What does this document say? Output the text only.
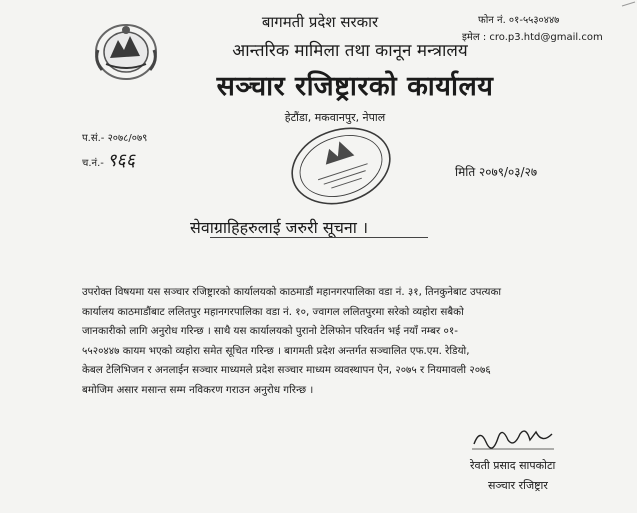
बागमती प्रदेश सरकार
आन्तरिक मामिला तथा कानून मन्त्रालय
सञ्चार रजिष्ट्रारको कार्यालय
हेटौंडा, मकवानपुर, नेपाल
फोन नं. ०१-५५३०४४७
इमेल : cro.p3.htd@gmail.com
प.सं.- २०७८/०७९
च.नं.- ९६६
मिति २०७९/०३/२७
सेवाग्राहिहरुलाई जरुरी सूचना ।
उपरोक्त विषयमा यस सञ्चार रजिष्ट्रारको कार्यालयको काठमाडौं महानगरपालिका वडा नं. ३१, तिनकुनेबाट उपत्यका
कार्यालय काठमाडौंबाट ललितपुर महानगरपालिका वडा नं. १०, ज्वागल ललितपुरमा सरेको व्यहोरा सबैको
जानकारीको लागि अनुरोध गरिन्छ । साथै यस कार्यालयको पुरानो टेलिफोन परिवर्तन भई नयाँ नम्बर ०१-
५५२०४४७ कायम भएको व्यहोरा समेत सूचित गरिन्छ । बागमती प्रदेश अन्तर्गत सञ्चालित एफ.एम. रेडियो,
केबल टेलिभिजन र अनलाईन सञ्चार माध्यमले प्रदेश सञ्चार माध्यम व्यवस्थापन ऐन, २०७५ र नियमावली २०७६
बमोजिम असार मसान्त सम्म नविकरण गराउन अनुरोध गरिन्छ ।
रेवती प्रसाद सापकोटा
सञ्चार रजिष्ट्रार
